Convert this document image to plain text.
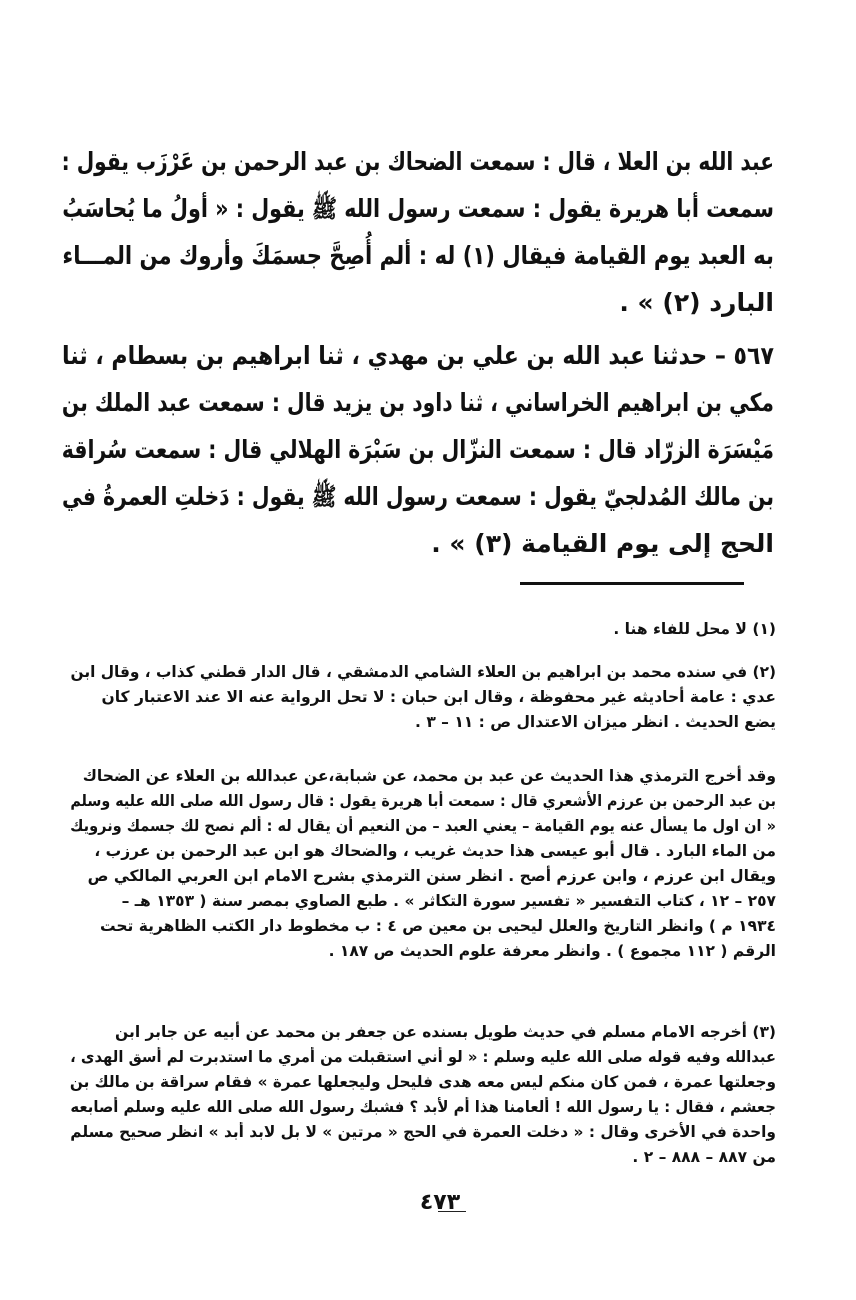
عبد الله بن العلا ، قال : سمعت الضحاك بن عبد الرحمن بن عَرْزَب يقول :
سمعت أبا هريرة يقول : سمعت رسول الله ﷺ يقول : « أولُ ما يُحاسَبُ
به العبد يوم القيامة فيقال (١) له : ألم أُصِحَّ جسمَكَ وأروك من المـــاء
البارد (٢) » .
٥٦٧ – حدثنا عبد الله بن علي بن مهدي ، ثنا ابراهيم بن بسطام ، ثنا
مكي بن ابراهيم الخراساني ، ثنا داود بن يزيد قال : سمعت عبد الملك بن
مَيْسَرَة الزرّاد قال : سمعت النزّال بن سَبْرَة الهلالي قال : سمعت سُراقة
بن مالك المُدلجيّ يقول : سمعت رسول الله ﷺ يقول : دَخلتِ العمرةُ في
الحج إلى يوم القيامة (٣) » .
(١) لا محل للفاء هنا .
(٢) في سنده محمد بن ابراهيم بن العلاء الشامي الدمشقي ، قال الدار قطني كذاب ، وقال ابن
عدي : عامة أحاديثه غير محفوظة ، وقال ابن حبان : لا تحل الرواية عنه الا عند الاعتبار كان
يضع الحديث . انظر ميزان الاعتدال ص : ١١ – ٣ .
وقد أخرج الترمذي هذا الحديث عن عبد بن محمد، عن شبابة،عن عبدالله بن العلاء عن الضحاك
بن عبد الرحمن بن عرزم الأشعري قال : سمعت أبا هريرة يقول : قال رسول الله صلى الله عليه وسلم
« ان اول ما يسأل عنه يوم القيامة – يعني العبد – من النعيم أن يقال له : ألم نصح لك جسمك ونرويك
من الماء البارد . قال أبو عيسى هذا حديث غريب ، والضحاك هو ابن عبد الرحمن بن عرزب ،
ويقال ابن عرزم ، وابن عرزم أصح . انظر سنن الترمذي بشرح الامام ابن العربي المالكي ص
٢٥٧ – ١٢ ، كتاب التفسير « تفسير سورة التكاثر » . طبع الصاوي بمصر سنة ( ١٣٥٣ هـ –
١٩٣٤ م ) وانظر التاريخ والعلل ليحيى بن معين ص ٤ : ب مخطوط دار الكتب الظاهرية تحت
الرقم ( ١١٢ مجموع ) . وانظر معرفة علوم الحديث ص ١٨٧ .
(٣) أخرجه الامام مسلم في حديث طويل بسنده عن جعفر بن محمد عن أبيه عن جابر ابن
عبدالله وفيه قوله صلى الله عليه وسلم : « لو أني استقبلت من أمري ما استدبرت لم أسق الهدى ،
وجعلتها عمرة ، فمن كان منكم ليس معه هدى فليحل وليجعلها عمرة » فقام سراقة بن مالك بن
جعشم ، فقال : يا رسول الله ! ألعامنا هذا أم لأبد ؟ فشبك رسول الله صلى الله عليه وسلم أصابعه
واحدة في الأخرى وقال : « دخلت العمرة في الحج « مرتين » لا بل لابد أبد » انظر صحيح مسلم
من ٨٨٧ – ٨٨٨ – ٢ .
٤٧٣
